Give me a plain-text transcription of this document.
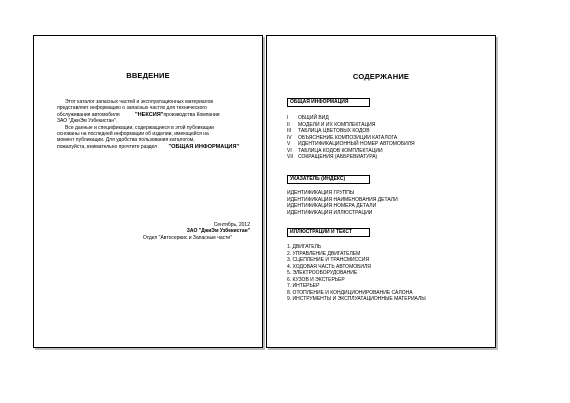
ВВЕДЕНИЕ
Этот каталог запасных частей и эксплуатационных материалов
представляет информацию о запасных частях для технического
обслуживания автомобиля	"НЕКСИЯ"производства Компании
ЗАО "ДжиЭм Узбекистан".
Все данные и спецификации, содержащиеся в этой публикации
основаны на последней информации об изделии, имеющейся на
момент публикации. Для удобства пользования каталогом,
пожалуйста, внимательно прочтите раздел "ОБЩАЯ ИНФОРМАЦИЯ"
Сентябрь, 2012
ЗАО "ДжиЭм Узбекистан"
Отдел "Автосервис и Запасные части"
СОДЕРЖАНИЕ
ОБЩАЯ ИНФОРМАЦИЯ
I	ОБЩИЙ ВИД
II	МОДЕЛИ И ИХ КОМПЛЕКТАЦИЯ
III	ТАБЛИЦА ЦВЕТОВЫХ КОДОВ
IV	ОБЪЯСНЕНИЕ КОМПОЗИЦИИ КАТАЛОГА
V	ИДЕНТИФИКАЦИОННЫЙ НОМЕР АВТОМОБИЛЯ
VI	ТАБЛИЦА КОДОВ КОМПЛЕКТАЦИИ
VII СОКРАЩЕНИЯ (АББРЕВИАТУРА)
УКАЗАТЕЛЬ (ИНДЕКС)
ИДЕНТИФИКАЦИЯ ГРУППЫ
ИДЕНТИФИКАЦИЯ НАИМЕНОВАНИЯ ДЕТАЛИ
ИДЕНТИФИКАЦИЯ НОМЕРА ДЕТАЛИ
ИДЕНТИФИКАЦИЯ ИЛЛЮСТРАЦИИ
ИЛЛЮСТРАЦИИ И ТЕКСТ
1. ДВИГАТЕЛЬ
2. УПРАВЛЕНИЕ ДВИГАТЕЛЕМ
3. СЦЕПЛЕНИЕ И ТРАНСМИССИЯ
4. ХОДОВАЯ ЧАСТЬ АВТОМОБИЛЯ
5. ЭЛЕКТРООБОРУДОВАНИЕ
6. КУЗОВ И ЭКСТЕРЬЕР
7. ИНТЕРЬЕР
8. ОТОПЛЕНИЕ И КОНДИЦИОНИРОВАНИЕ САЛОНА
9. ИНСТРУМЕНТЫ И ЭКСПЛУАТАЦИОННЫЕ МАТЕРИАЛЫ
